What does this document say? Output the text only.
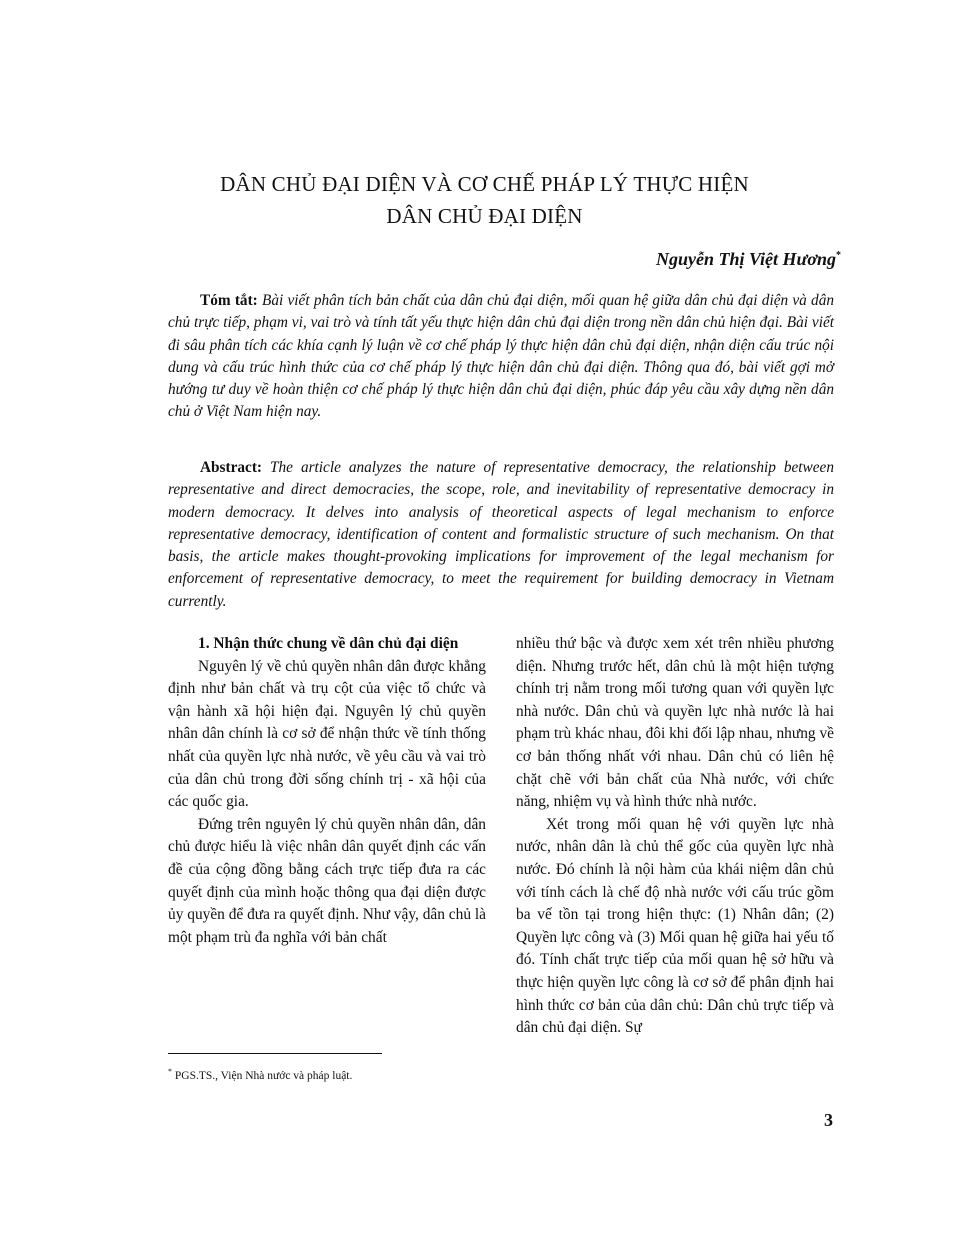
DÂN CHỦ ĐẠI DIỆN VÀ CƠ CHẾ PHÁP LÝ THỰC HIỆN
DÂN CHỦ ĐẠI DIỆN
Nguyễn Thị Việt Hương*

Tóm tắt: Bài viết phân tích bản chất của dân chủ đại diện, mối quan hệ giữa dân chủ đại diện và dân chủ trực tiếp, phạm vi, vai trò và tính tất yếu thực hiện dân chủ đại diện trong nền dân chủ hiện đại. Bài viết đi sâu phân tích các khía cạnh lý luận về cơ chế pháp lý thực hiện dân chủ đại diện, nhận diện cấu trúc nội dung và cấu trúc hình thức của cơ chế pháp lý thực hiện dân chủ đại diện. Thông qua đó, bài viết gợi mở hướng tư duy về hoàn thiện cơ chế pháp lý thực hiện dân chủ đại diện, phúc đáp yêu cầu xây dựng nền dân chủ ở Việt Nam hiện nay.

Abstract: The article analyzes the nature of representative democracy, the relationship between representative and direct democracies, the scope, role, and inevitability of representative democracy in modern democracy. It delves into analysis of theoretical aspects of legal mechanism to enforce representative democracy, identification of content and formalistic structure of such mechanism. On that basis, the article makes thought-provoking implications for improvement of the legal mechanism for enforcement of representative democracy, to meet the requirement for building democracy in Vietnam currently.

1. Nhận thức chung về dân chủ đại diện

Nguyên lý về chủ quyền nhân dân được khẳng định như bản chất và trụ cột của việc tổ chức và vận hành xã hội hiện đại. Nguyên lý chủ quyền nhân dân chính là cơ sở để nhận thức về tính thống nhất của quyền lực nhà nước, về yêu cầu và vai trò của dân chủ trong đời sống chính trị - xã hội của các quốc gia.

Đứng trên nguyên lý chủ quyền nhân dân, dân chủ được hiểu là việc nhân dân quyết định các vấn đề của cộng đồng bằng cách trực tiếp đưa ra các quyết định của mình hoặc thông qua đại diện được ủy quyền để đưa ra quyết định. Như vậy, dân chủ là một phạm trù đa nghĩa với bản chất

nhiều thứ bậc và được xem xét trên nhiều phương diện. Nhưng trước hết, dân chủ là một hiện tượng chính trị nằm trong mối tương quan với quyền lực nhà nước. Dân chủ và quyền lực nhà nước là hai phạm trù khác nhau, đôi khi đối lập nhau, nhưng về cơ bản thống nhất với nhau. Dân chủ có liên hệ chặt chẽ với bản chất của Nhà nước, với chức năng, nhiệm vụ và hình thức nhà nước.

Xét trong mối quan hệ với quyền lực nhà nước, nhân dân là chủ thể gốc của quyền lực nhà nước. Đó chính là nội hàm của khái niệm dân chủ với tính cách là chế độ nhà nước với cấu trúc gồm ba vế tồn tại trong hiện thực: (1) Nhân dân; (2) Quyền lực công và (3) Mối quan hệ giữa hai yếu tố đó. Tính chất trực tiếp của mối quan hệ sở hữu và thực hiện quyền lực công là cơ sở để phân định hai hình thức cơ bản của dân chủ: Dân chủ trực tiếp và dân chủ đại diện. Sự

* PGS.TS., Viện Nhà nước và pháp luật.
3
